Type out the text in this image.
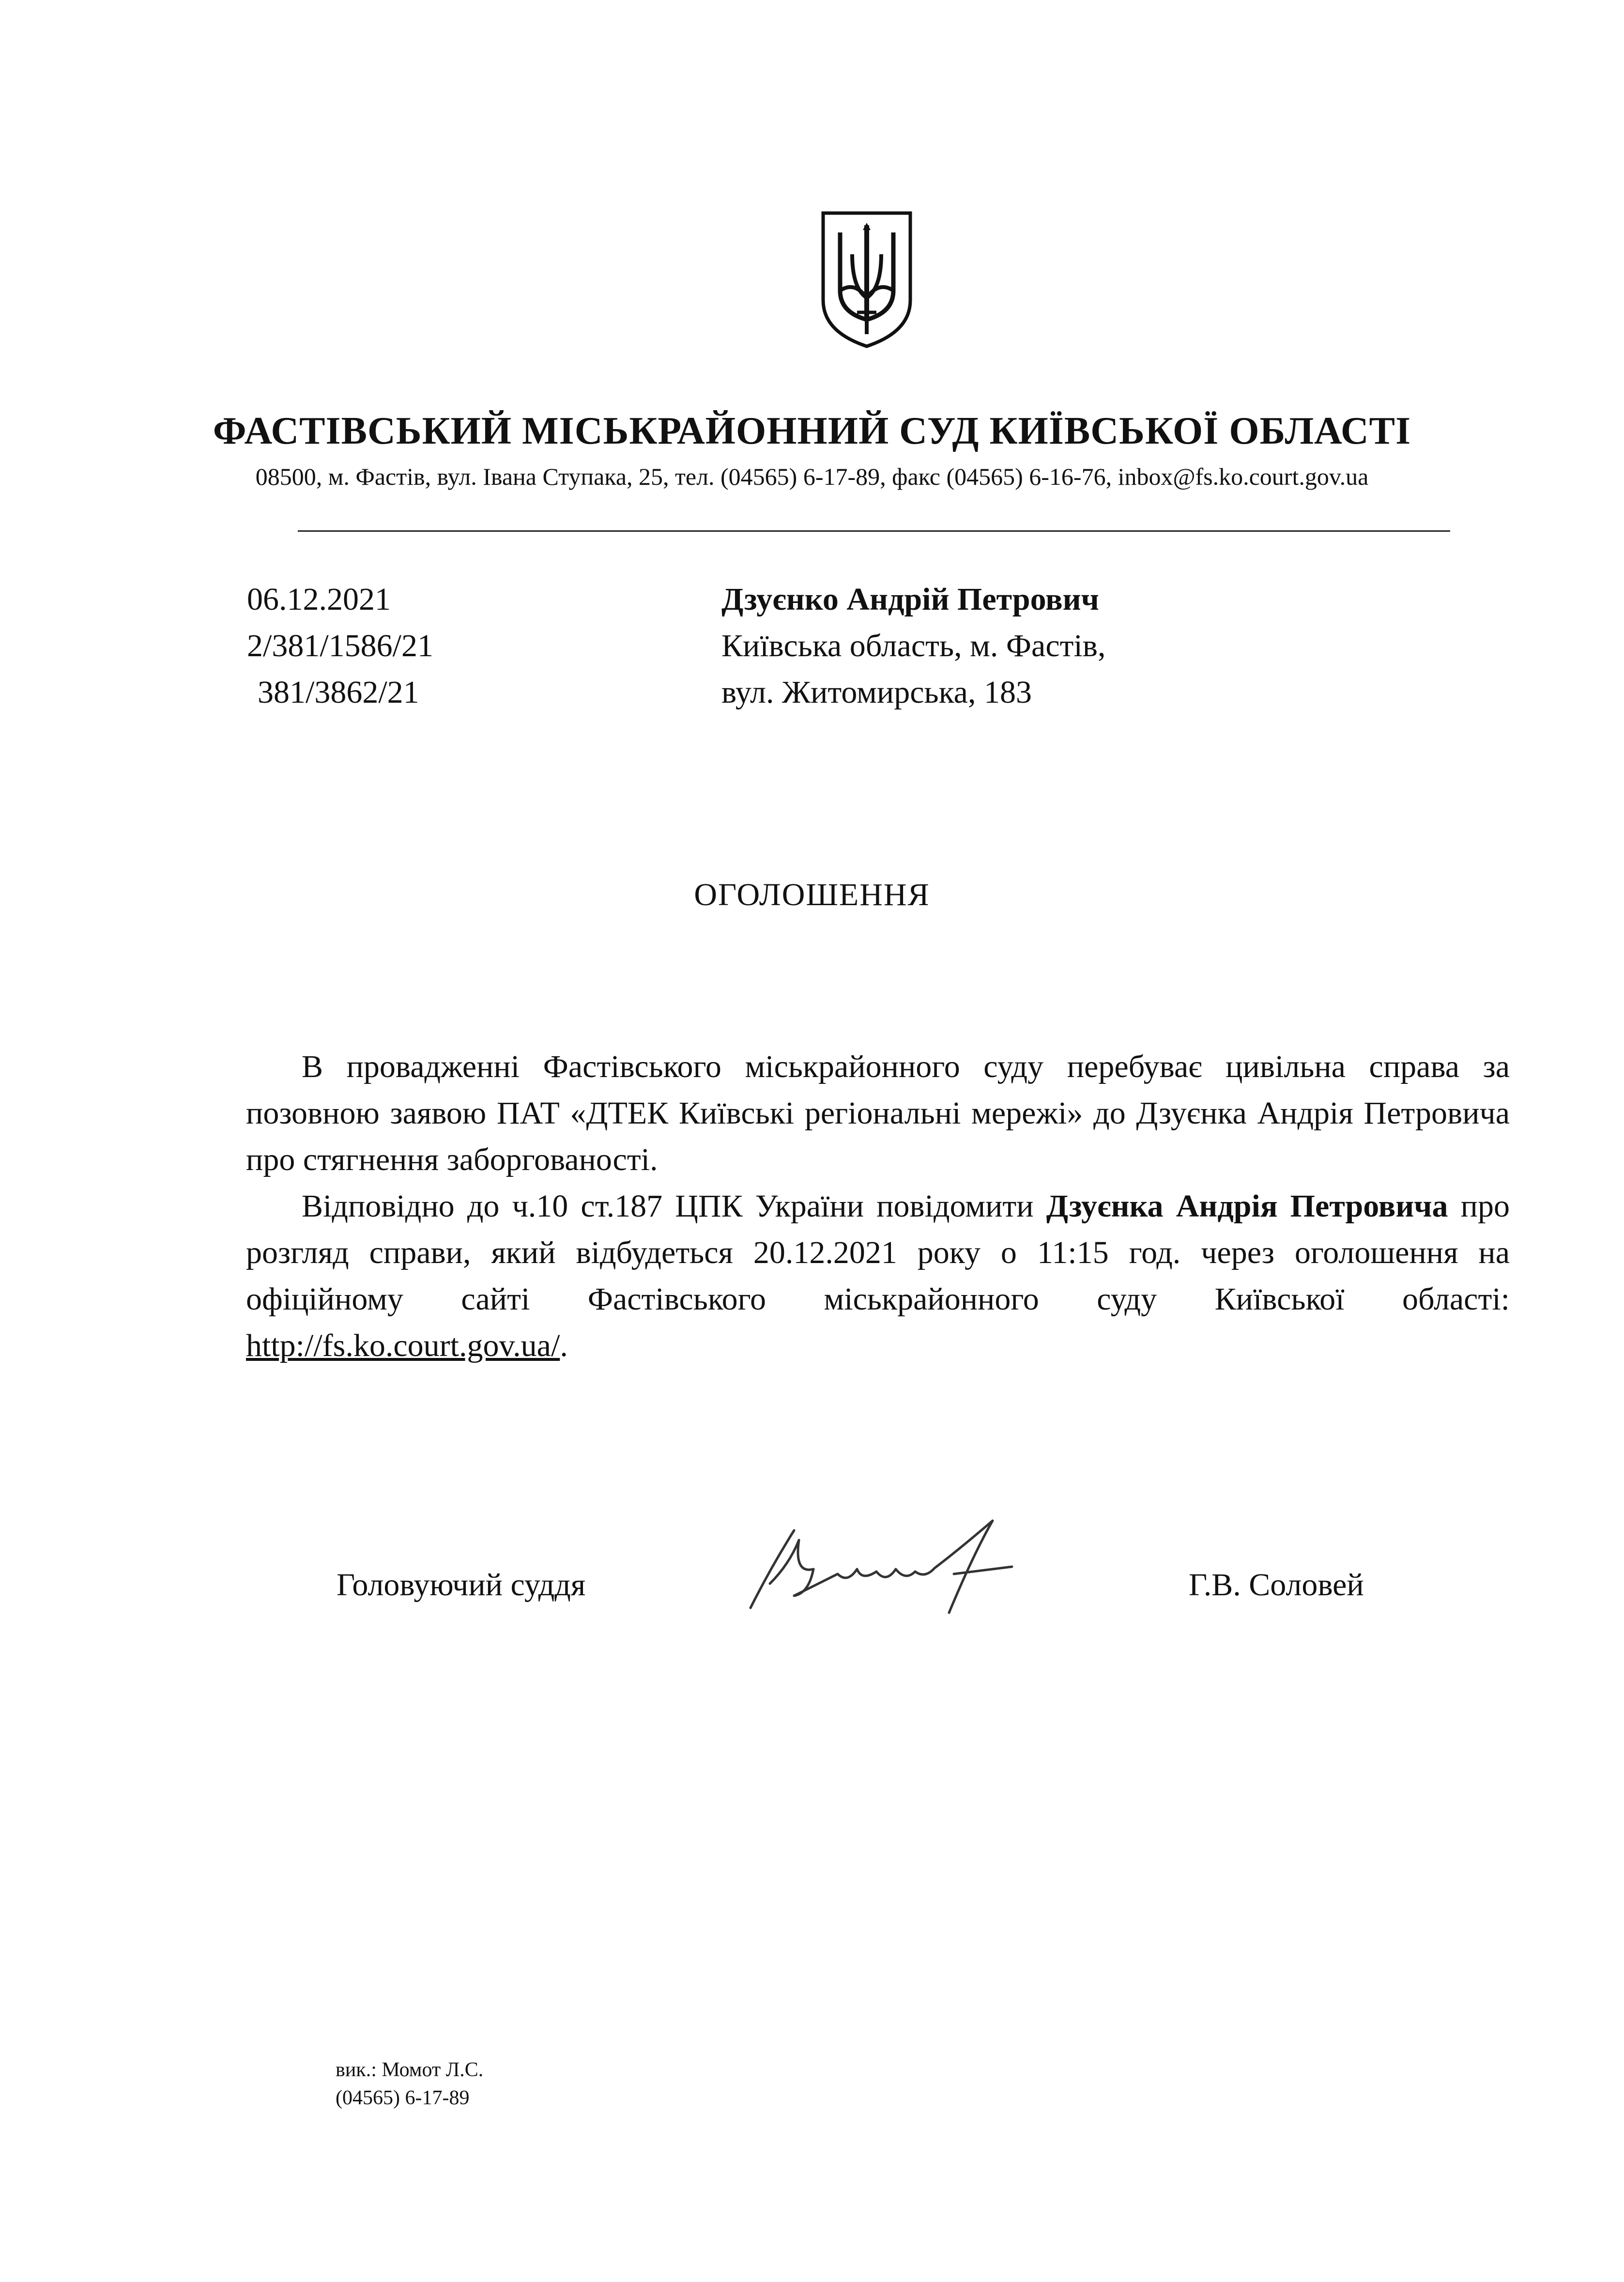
ФАСТІВСЬКИЙ МІСЬКРАЙОННИЙ СУД КИЇВСЬКОЇ ОБЛАСТІ
08500, м. Фастів, вул. Івана Ступака, 25, тел. (04565) 6-17-89, факс (04565) 6-16-76, inbox@fs.ko.court.gov.ua
06.12.2021
2/381/1586/21
381/3862/21
Дзуєнко Андрій Петрович
Київська область, м. Фастів,
вул. Житомирська, 183
ОГОЛОШЕННЯ

В провадженні Фастівського міськрайонного суду перебуває цивільна справа за позовною заявою ПАТ «ДТЕК Київські регіональні мережі» до Дзуєнка Андрія Петровича про стягнення заборгованості.

Відповідно до ч.10 ст.187 ЦПК України повідомити Дзуєнка Андрія Петровича про розгляд справи, який відбудеться 20.12.2021 року о 11:15 год. через оголошення на офіційному сайті Фастівського міськрайонного суду Київської області: http://fs.ko.court.gov.ua/.

Головуючий суддя	Г.В. Соловей
вик.: Момот Л.С.
(04565) 6-17-89
